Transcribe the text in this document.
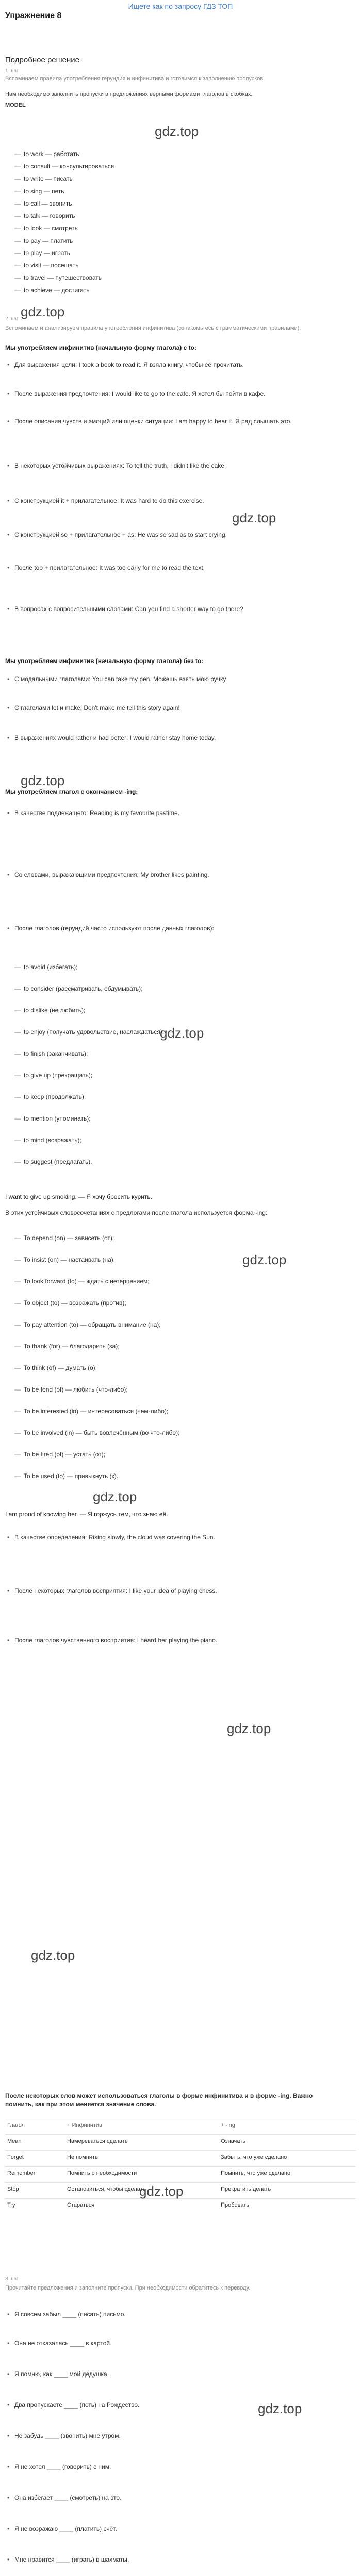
Ищете как по запросу ГДЗ ТОП
Упражнение 8
Подробное решение
1 шаг
Вспоминаем правила употребления герундия и инфинитива и готовимся к заполнению пропусков.
Нам необходимо заполнить пропуски в предложениях верными формами глаголов в скобках.
MODEL
— to work — работать
— to consult — консультироваться
— to write — писать
— to sing — петь
— to call — звонить
— to talk — говорить
— to look — смотреть
— to pay — платить
— to play — играть
— to visit — посещать
— to travel — путешествовать
— to achieve — достигать
2 шаг
Вспоминаем и анализируем правила употребления инфинитива (ознакомьтесь с грамматическими правилами).
Мы употребляем инфинитив (начальную форму глагола) с to:
• Для выражения цели: I took a book to read it. Я взяла книгу, чтобы её прочитать.
• После выражения предпочтения: I would like to go to the cafe. Я хотел бы пойти в кафе.
• После описания чувств и эмоций или оценки ситуации: I am happy to hear it. Я рад слышать это.
• В некоторых устойчивых выражениях: To tell the truth, I didn't like the cake.
• С конструкцией it + прилагательное: It was hard to do this exercise.
• С конструкцией so + прилагательное + as: He was so sad as to start crying.
• После too + прилагательное: It was too early for me to read the text.
• В вопросах с вопросительными словами: Can you find a shorter way to go there?
Мы употребляем инфинитив (начальную форму глагола) без to:
• С модальными глаголами: You can take my pen. Можешь взять мою ручку.
• С глаголами let и make: Don't make me tell this story again!
• В выражениях would rather и had better: I would rather stay home today.
Мы употребляем глагол с окончанием -ing:
• В качестве подлежащего: Reading is my favourite pastime.
• Со словами, выражающими предпочтения: My brother likes painting.
• После глаголов (герундий часто используют после данных глаголов):
— to avoid (избегать);
— to consider (рассматривать, обдумывать);
— to dislike (не любить);
— to enjoy (получать удовольствие, наслаждаться);
— to finish (заканчивать);
— to give up (прекращать);
— to keep (продолжать);
— to mention (упоминать);
— to mind (возражать);
— to suggest (предлагать).
I want to give up smoking. — Я хочу бросить курить.
В этих устойчивых словосочетаниях с предлогами после глагола используется форма -ing:
— To depend (on) — зависеть (от);
— To insist (on) — настаивать (на);
— To look forward (to) — ждать с нетерпением;
— To object (to) — возражать (против);
— To pay attention (to) — обращать внимание (на);
— To thank (for) — благодарить (за);
— To think (of) — думать (о);
— To be fond (of) — любить (что-либо);
— To be interested (in) — интересоваться (чем-либо);
— To be involved (in) — быть вовлечённым (во что-либо);
— To be tired (of) — устать (от);
— To be used (to) — привыкнуть (к).
I am proud of knowing her. — Я горжусь тем, что знаю её.
• В качестве определения: Rising slowly, the cloud was covering the Sun.
• После некоторых глаголов восприятия: I like your idea of playing chess.
• После глаголов чувственного восприятия: I heard her playing the piano.
После некоторых слов может использоваться глаголы в форме инфинитива и в форме -ing. Важно помнить, как при этом меняется значение слова.
Глагол	+ Инфинитив	+ -ing
Mean	Намереваться сделать	Означать
Forget	Не помнить	Забыть, что уже сделано
Remember	Помнить о необходимости	Помнить, что уже сделано
Stop	Остановиться, чтобы сделать	Прекратить делать
Try	Стараться	Пробовать
3 шаг
Прочитайте предложения и заполните пропуски. При необходимости обратитесь к переводу.
• Я совсем забыл ____ (писать) письмо.
• Она не отказалась ____ в картой.
• Я помню, как ____ мой дедушка.
• Два пропускаете ____ (петь) на Рождество.
• Не забудь ____ (звонить) мне утром.
• Я не хотел ____ (говорить) с ним.
• Она избегает ____ (смотреть) на это.
• Я не возражаю ____ (платить) счёт.
• Мне нравится ____ (играть) в шахматы.
gdz.top
gdz.top
gdz.top
gdz.top
gdz.top
gdz.top
gdz.top
gdz.top
gdz.top
gdz.top
gdz.top
